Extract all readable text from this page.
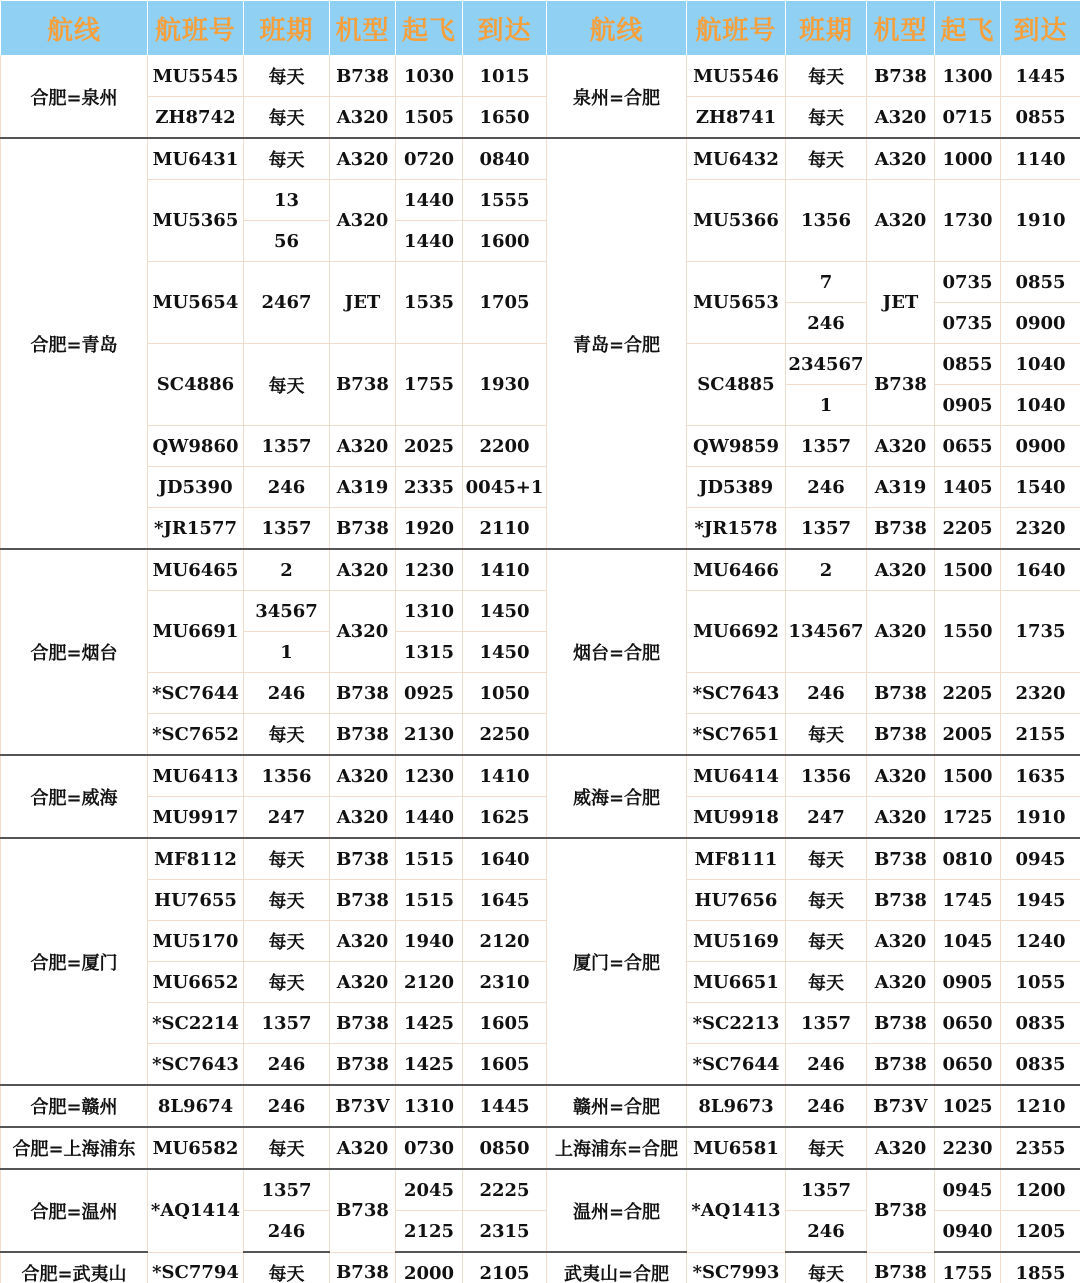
航线	航班号	班期	机型	起飞	到达	航线	航班号	班期	机型	起飞	到达
合肥=泉州	MU5545	每天	B738	1030	1015	泉州=合肥	MU5546	每天	B738	1300	1445
	ZH8742	每天	A320	1505	1650		ZH8741	每天	A320	0715	0855
合肥=青岛	MU6431	每天	A320	0720	0840	青岛=合肥	MU6432	每天	A320	1000	1140
	MU5365	13	A320	1440	1555		MU5366	1356	A320	1730	1910
		56		1440	1600						
	MU5654	2467	JET	1535	1705		MU5653	7	JET	0735	0855
								246		0735	0900
	SC4886	每天	B738	1755	1930		SC4885	234567	B738	0855	1040
								1		0905	1040
	QW9860	1357	A320	2025	2200		QW9859	1357	A320	0655	0900
	JD5390	246	A319	2335	0045+1		JD5389	246	A319	1405	1540
	*JR1577	1357	B738	1920	2110		*JR1578	1357	B738	2205	2320
合肥=烟台	MU6465	2	A320	1230	1410	烟台=合肥	MU6466	2	A320	1500	1640
	MU6691	34567	A320	1310	1450		MU6692	134567	A320	1550	1735
		1		1315	1450						
	*SC7644	246	B738	0925	1050		*SC7643	246	B738	2205	2320
	*SC7652	每天	B738	2130	2250		*SC7651	每天	B738	2005	2155
合肥=威海	MU6413	1356	A320	1230	1410	威海=合肥	MU6414	1356	A320	1500	1635
	MU9917	247	A320	1440	1625		MU9918	247	A320	1725	1910
合肥=厦门	MF8112	每天	B738	1515	1640	厦门=合肥	MF8111	每天	B738	0810	0945
	HU7655	每天	B738	1515	1645		HU7656	每天	B738	1745	1945
	MU5170	每天	A320	1940	2120		MU5169	每天	A320	1045	1240
	MU6652	每天	A320	2120	2310		MU6651	每天	A320	0905	1055
	*SC2214	1357	B738	1425	1605		*SC2213	1357	B738	0650	0835
	*SC7643	246	B738	1425	1605		*SC7644	246	B738	0650	0835
合肥=赣州	8L9674	246	B73V	1310	1445	赣州=合肥	8L9673	246	B73V	1025	1210
合肥=上海浦东	MU6582	每天	A320	0730	0850	上海浦东=合肥	MU6581	每天	A320	2230	2355
合肥=温州	*AQ1414	1357	B738	2045	2225	温州=合肥	*AQ1413	1357	B738	0945	1200
		246		2125	2315			246		0940	1205
合肥=武夷山	*SC7794	每天	B738	2000	2105	武夷山=合肥	*SC7993	每天	B738	1755	1855
